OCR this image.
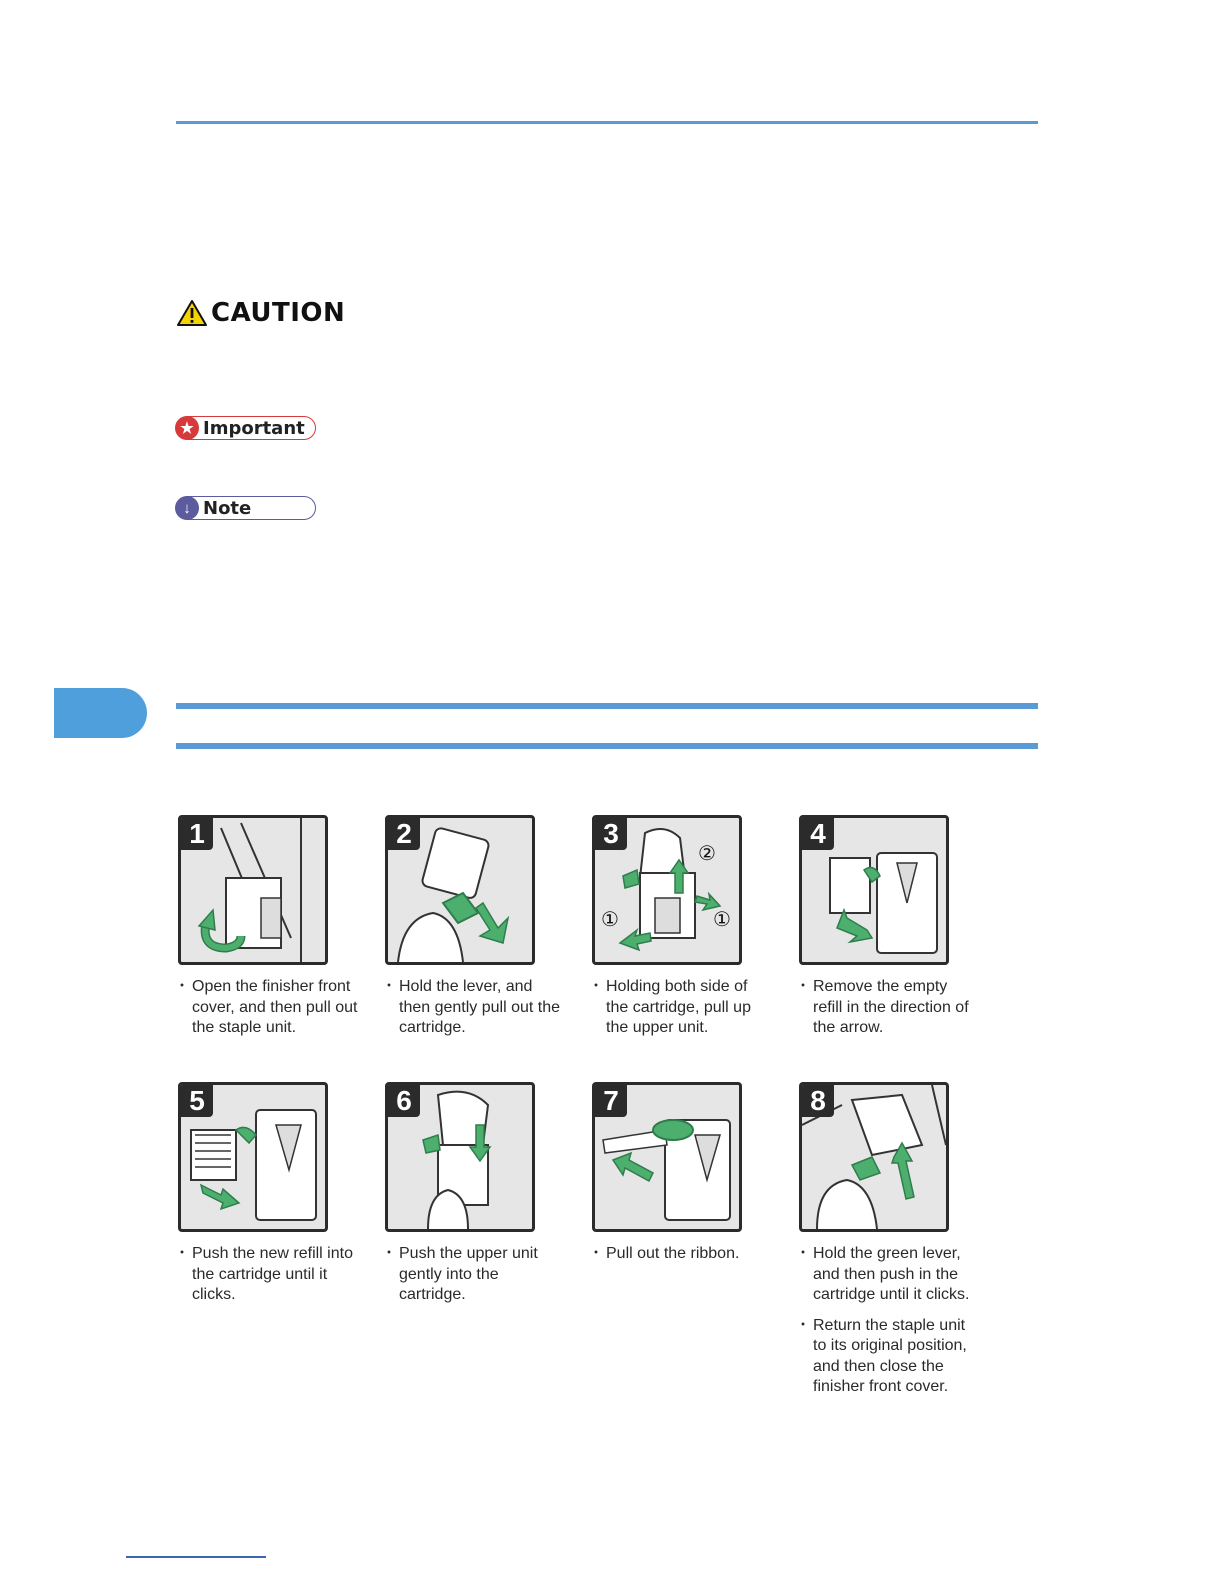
CAUTION
★ Important
↓ Note
1
・ Open the finisher front cover, and then pull out the staple unit.
2
・ Hold the lever, and then gently pull out the cartridge.
3
①	①
②
・ Holding both side of the cartridge, pull up the upper unit.
4
・ Remove the empty refill in the direction of the arrow.
5
・ Push the new refill into the cartridge until it clicks.
6
・ Push the upper unit gently into the cartridge.
7
・ Pull out the ribbon.
8
・ Hold the green lever, and then push in the cartridge until it clicks.
・ Return the staple unit to its original position, and then close the finisher front cover.
